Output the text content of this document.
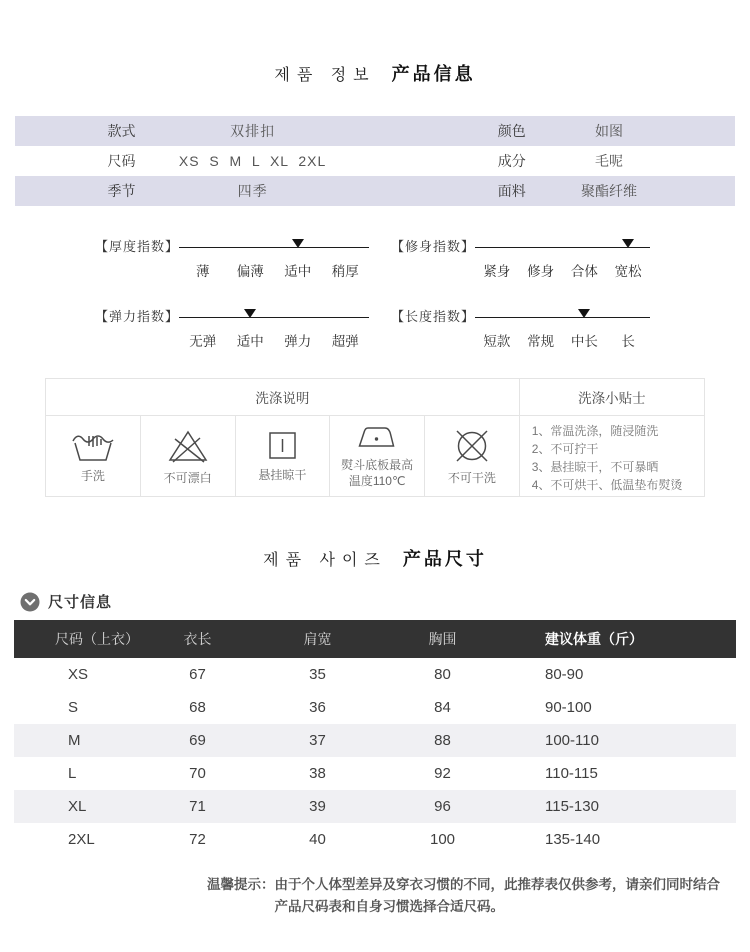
제품 정보 产品信息
款式	双排扣	颜色	如图
尺码	XS  S  M  L  XL  2XL	成分	毛呢
季节	四季	面料	聚酯纤维
【厚度指数】
薄	偏薄	适中	稍厚
【修身指数】
紧身	修身	合体	宽松
【弹力指数】
无弹	适中	弹力	超弹
【长度指数】
短款	常规	中长	长
洗涤说明	洗涤小贴士
手洗	不可漂白	悬挂晾干
熨斗底板最高温度110℃	不可干洗
1、常温洗涤，随浸随洗
2、不可拧干
3、悬挂晾干，不可暴晒
4、不可烘干、低温垫布熨烫
제품 사이즈 产品尺寸
尺寸信息
尺码（上衣）	衣长	肩宽	胸围	建议体重（斤）
XS	67	35	80	80-90
S	68	36	84	90-100
M	69	37	88	100-110
L	70	38	92	110-115
XL	71	39	96	115-130
2XL	72	40	100	135-140
温馨提示： 由于个人体型差异及穿衣习惯的不同，此推荐表仅供参考，请亲们同时结合产品尺码表和自身习惯选择合适尺码。
